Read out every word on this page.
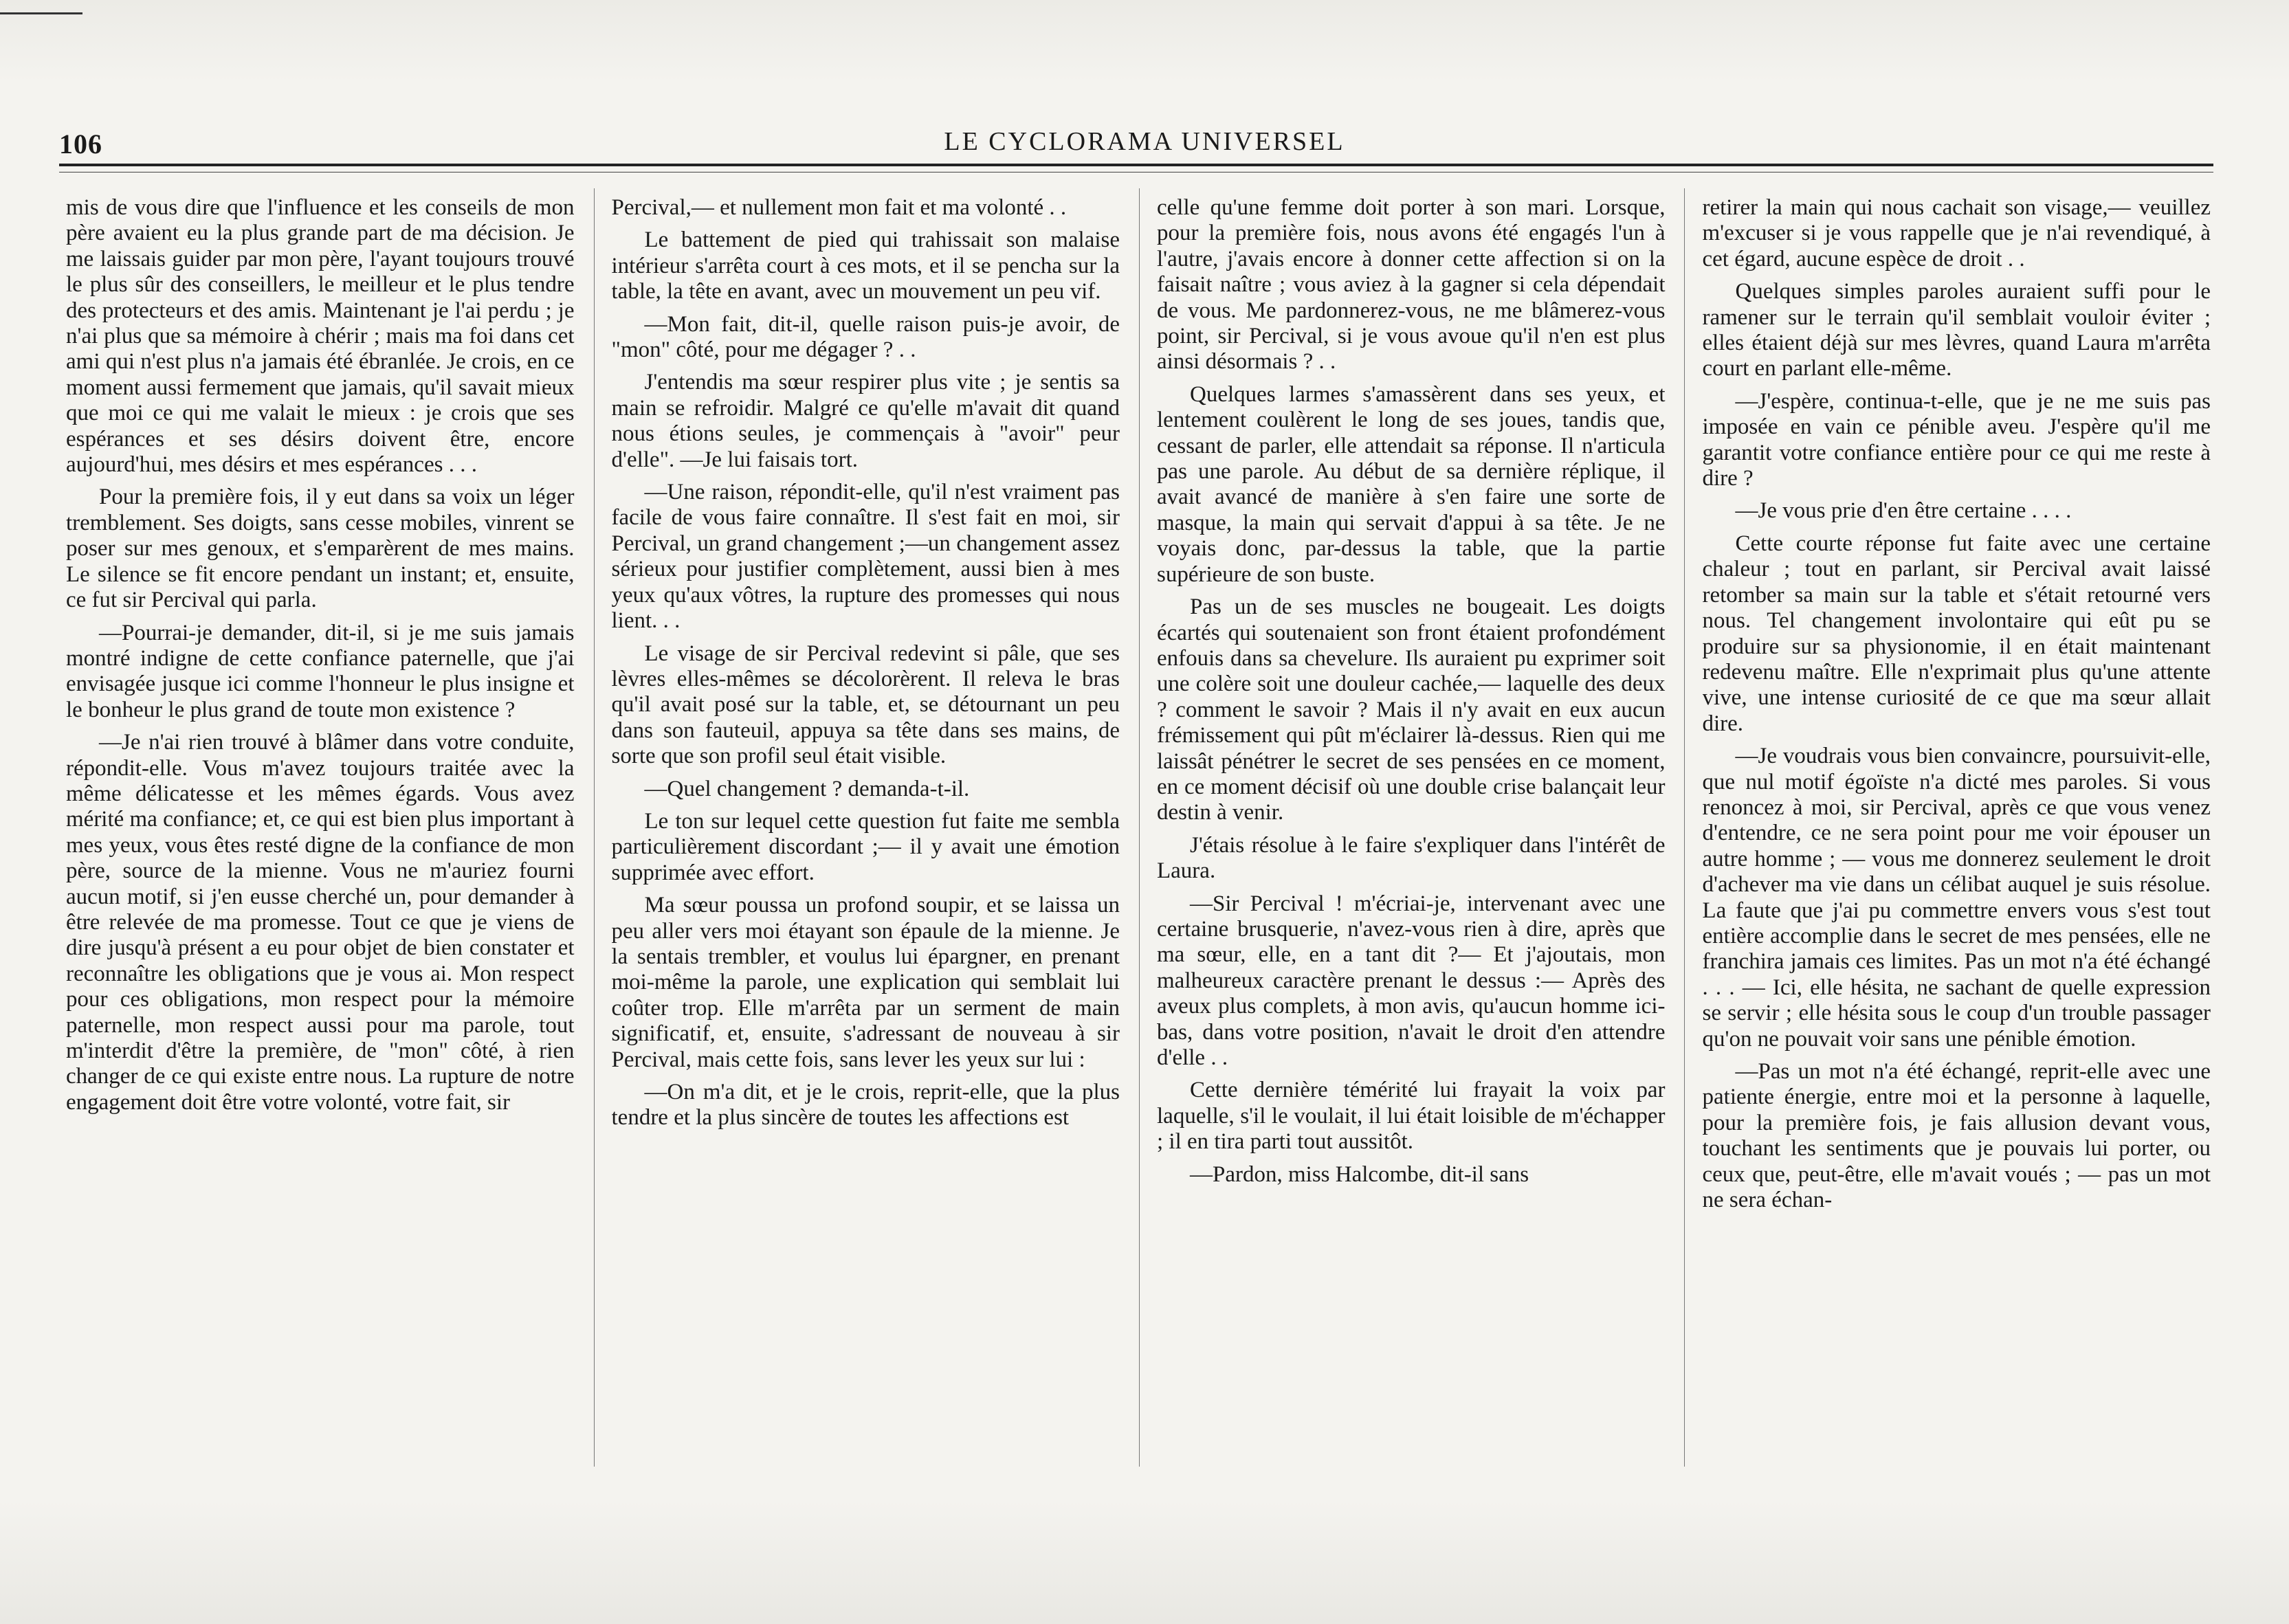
106	LE CYCLORAMA UNIVERSEL

mis de vous dire que l'influence et les conseils de mon père avaient eu la plus grande part de ma décision. Je me laissais guider par mon père, l'ayant toujours trouvé le plus sûr des conseillers, le meilleur et le plus tendre des protecteurs et des amis. Maintenant je l'ai perdu ; je n'ai plus que sa mémoire à chérir ; mais ma foi dans cet ami qui n'est plus n'a jamais été ébranlée. Je crois, en ce moment aussi fermement que jamais, qu'il savait mieux que moi ce qui me valait le mieux : je crois que ses espérances et ses désirs doivent être, encore aujourd'hui, mes désirs et mes espérances . . .

Pour la première fois, il y eut dans sa voix un léger tremblement. Ses doigts, sans cesse mobiles, vinrent se poser sur mes genoux, et s'emparèrent de mes mains. Le silence se fit encore pendant un instant; et, ensuite, ce fut sir Percival qui parla.

—Pourrai-je demander, dit-il, si je me suis jamais montré indigne de cette confiance paternelle, que j'ai envisagée jusque ici comme l'honneur le plus insigne et le bonheur le plus grand de toute mon existence ?

—Je n'ai rien trouvé à blâmer dans votre conduite, répondit-elle. Vous m'avez toujours traitée avec la même délicatesse et les mêmes égards. Vous avez mérité ma confiance; et, ce qui est bien plus important à mes yeux, vous êtes resté digne de la confiance de mon père, source de la mienne. Vous ne m'auriez fourni aucun motif, si j'en eusse cherché un, pour demander à être relevée de ma promesse. Tout ce que je viens de dire jusqu'à présent a eu pour objet de bien constater et reconnaître les obligations que je vous ai. Mon respect pour ces obligations, mon respect pour la mémoire paternelle, mon respect aussi pour ma parole, tout m'interdit d'être la première, de "mon" côté, à rien changer de ce qui existe entre nous. La rupture de notre engagement doit être votre volonté, votre fait, sir

Percival,— et nullement mon fait et ma volonté . .

Le battement de pied qui trahissait son malaise intérieur s'arrêta court à ces mots, et il se pencha sur la table, la tête en avant, avec un mouvement un peu vif.

—Mon fait, dit-il, quelle raison puis-je avoir, de "mon" côté, pour me dégager ? . .

J'entendis ma sœur respirer plus vite ; je sentis sa main se refroidir. Malgré ce qu'elle m'avait dit quand nous étions seules, je commençais à "avoir" peur d'elle". —Je lui faisais tort.

—Une raison, répondit-elle, qu'il n'est vraiment pas facile de vous faire connaître. Il s'est fait en moi, sir Percival, un grand changement ;—un changement assez sérieux pour justifier complètement, aussi bien à mes yeux qu'aux vôtres, la rupture des promesses qui nous lient. . .

Le visage de sir Percival redevint si pâle, que ses lèvres elles-mêmes se décolorèrent. Il releva le bras qu'il avait posé sur la table, et, se détournant un peu dans son fauteuil, appuya sa tête dans ses mains, de sorte que son profil seul était visible.

—Quel changement ? demanda-t-il.

Le ton sur lequel cette question fut faite me sembla particulièrement discordant ;— il y avait une émotion supprimée avec effort.

Ma sœur poussa un profond soupir, et se laissa un peu aller vers moi étayant son épaule de la mienne. Je la sentais trembler, et voulus lui épargner, en prenant moi-même la parole, une explication qui semblait lui coûter trop. Elle m'arrêta par un serment de main significatif, et, ensuite, s'adressant de nouveau à sir Percival, mais cette fois, sans lever les yeux sur lui :

—On m'a dit, et je le crois, reprit-elle, que la plus tendre et la plus sincère de toutes les affections est

celle qu'une femme doit porter à son mari. Lorsque, pour la première fois, nous avons été engagés l'un à l'autre, j'avais encore à donner cette affection si on la faisait naître ; vous aviez à la gagner si cela dépendait de vous. Me pardonnerez-vous, ne me blâmerez-vous point, sir Percival, si je vous avoue qu'il n'en est plus ainsi désormais ? . .

Quelques larmes s'amassèrent dans ses yeux, et lentement coulèrent le long de ses joues, tandis que, cessant de parler, elle attendait sa réponse. Il n'articula pas une parole. Au début de sa dernière réplique, il avait avancé de manière à s'en faire une sorte de masque, la main qui servait d'appui à sa tête. Je ne voyais donc, par-dessus la table, que la partie supérieure de son buste.

Pas un de ses muscles ne bougeait. Les doigts écartés qui soutenaient son front étaient profondément enfouis dans sa chevelure. Ils auraient pu exprimer soit une colère soit une douleur cachée,— laquelle des deux ? comment le savoir ? Mais il n'y avait en eux aucun frémissement qui pût m'éclairer là-dessus. Rien qui me laissât pénétrer le secret de ses pensées en ce moment, en ce moment décisif où une double crise balançait leur destin à venir.

J'étais résolue à le faire s'expliquer dans l'intérêt de Laura.

—Sir Percival ! m'écriai-je, intervenant avec une certaine brusquerie, n'avez-vous rien à dire, après que ma sœur, elle, en a tant dit ?— Et j'ajoutais, mon malheureux caractère prenant le dessus :— Après des aveux plus complets, à mon avis, qu'aucun homme ici-bas, dans votre position, n'avait le droit d'en attendre d'elle . .

Cette dernière témérité lui frayait la voix par laquelle, s'il le voulait, il lui était loisible de m'échapper ; il en tira parti tout aussitôt.

—Pardon, miss Halcombe, dit-il sans

retirer la main qui nous cachait son visage,— veuillez m'excuser si je vous rappelle que je n'ai revendiqué, à cet égard, aucune espèce de droit . .

Quelques simples paroles auraient suffi pour le ramener sur le terrain qu'il semblait vouloir éviter ; elles étaient déjà sur mes lèvres, quand Laura m'arrêta court en parlant elle-même.

—J'espère, continua-t-elle, que je ne me suis pas imposée en vain ce pénible aveu. J'espère qu'il me garantit votre confiance entière pour ce qui me reste à dire ?

—Je vous prie d'en être certaine . . . .

Cette courte réponse fut faite avec une certaine chaleur ; tout en parlant, sir Percival avait laissé retomber sa main sur la table et s'était retourné vers nous. Tel changement involontaire qui eût pu se produire sur sa physionomie, il en était maintenant redevenu maître. Elle n'exprimait plus qu'une attente vive, une intense curiosité de ce que ma sœur allait dire.

—Je voudrais vous bien convaincre, poursuivit-elle, que nul motif égoïste n'a dicté mes paroles. Si vous renoncez à moi, sir Percival, après ce que vous venez d'entendre, ce ne sera point pour me voir épouser un autre homme ; — vous me donnerez seulement le droit d'achever ma vie dans un célibat auquel je suis résolue. La faute que j'ai pu commettre envers vous s'est tout entière accomplie dans le secret de mes pensées, elle ne franchira jamais ces limites. Pas un mot n'a été échangé . . . — Ici, elle hésita, ne sachant de quelle expression se servir ; elle hésita sous le coup d'un trouble passager qu'on ne pouvait voir sans une pénible émotion.

—Pas un mot n'a été échangé, reprit-elle avec une patiente énergie, entre moi et la personne à laquelle, pour la première fois, je fais allusion devant vous, touchant les sentiments que je pouvais lui porter, ou ceux que, peut-être, elle m'avait voués ; — pas un mot ne sera échan-
